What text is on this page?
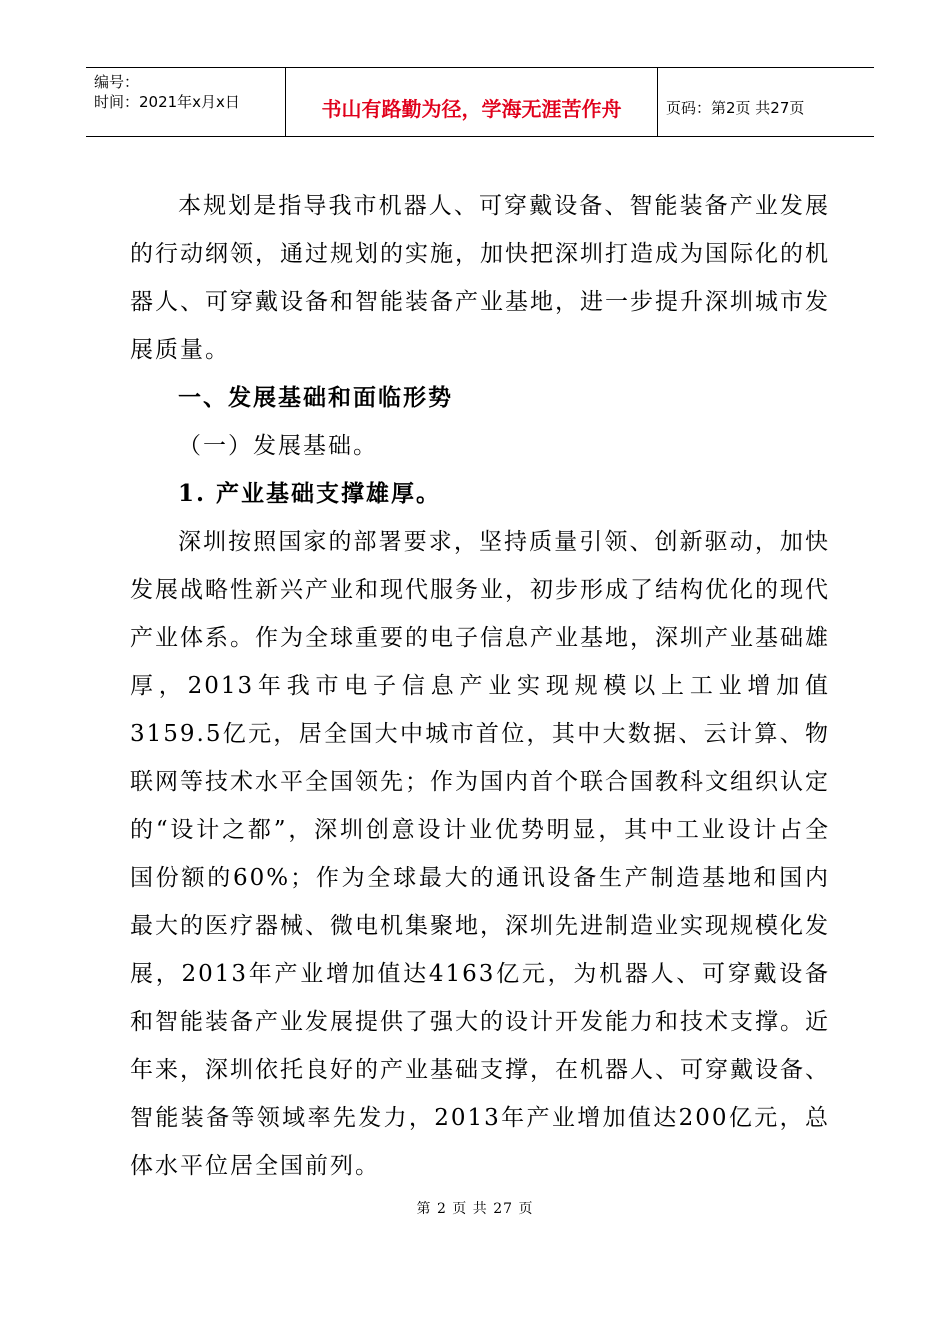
编号：
时间：2021年x月x日	书山有路勤为径，学海无涯苦作舟	页码：第2页 共27页

本规划是指导我市机器人、可穿戴设备、智能装备产业发展的行动纲领，通过规划的实施，加快把深圳打造成为国际化的机器人、可穿戴设备和智能装备产业基地，进一步提升深圳城市发展质量。

一、发展基础和面临形势

（一）发展基础。

1. 产业基础支撑雄厚。

深圳按照国家的部署要求，坚持质量引领、创新驱动，加快发展战略性新兴产业和现代服务业，初步形成了结构优化的现代产业体系。作为全球重要的电子信息产业基地，深圳产业基础雄厚，2013年我市电子信息产业实现规模以上工业增加值3159.5亿元，居全国大中城市首位，其中大数据、云计算、物联网等技术水平全国领先；作为国内首个联合国教科文组织认定的“设计之都”，深圳创意设计业优势明显，其中工业设计占全国份额的60%；作为全球最大的通讯设备生产制造基地和国内最大的医疗器械、微电机集聚地，深圳先进制造业实现规模化发展，2013年产业增加值达4163亿元，为机器人、可穿戴设备和智能装备产业发展提供了强大的设计开发能力和技术支撑。近年来，深圳依托良好的产业基础支撑，在机器人、可穿戴设备、智能装备等领域率先发力，2013年产业增加值达200亿元，总体水平位居全国前列。

第 2 页 共 27 页
